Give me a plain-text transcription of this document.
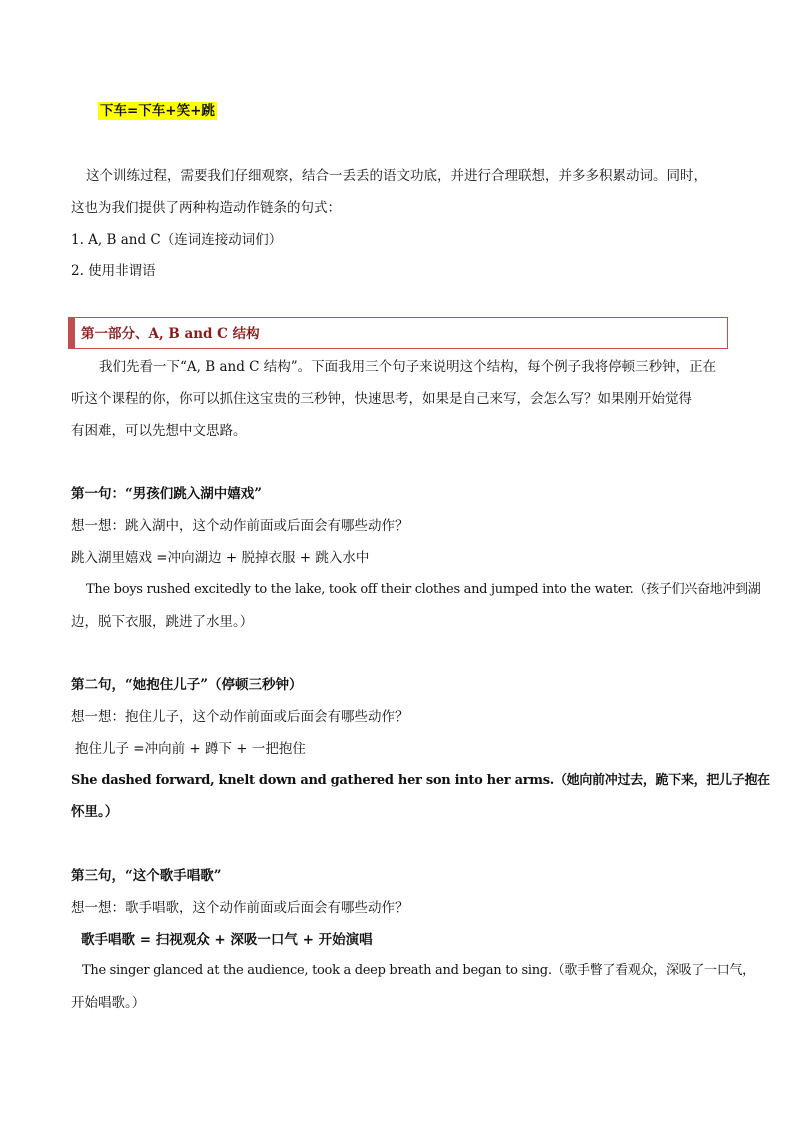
下车=下车+笑+跳
这个训练过程，需要我们仔细观察，结合一丢丢的语文功底，并进行合理联想，并多多积累动词。同时，
这也为我们提供了两种构造动作链条的句式：
1. A, B and C（连词连接动词们）
2. 使用非谓语
第一部分、A, B and C 结构
我们先看一下“A, B and C 结构”。下面我用三个句子来说明这个结构，每个例子我将停顿三秒钟，正在
听这个课程的你，你可以抓住这宝贵的三秒钟，快速思考，如果是自己来写，会怎么写？如果刚开始觉得
有困难，可以先想中文思路。
第一句：“男孩们跳入湖中嬉戏”
想一想：跳入湖中，这个动作前面或后面会有哪些动作？
跳入湖里嬉戏 =冲向湖边 + 脱掉衣服 + 跳入水中
The boys rushed excitedly to the lake, took off their clothes and jumped into the water.（孩子们兴奋地冲到湖
边，脱下衣服，跳进了水里。）
第二句，“她抱住儿子”（停顿三秒钟）
想一想：抱住儿子，这个动作前面或后面会有哪些动作？
抱住儿子 =冲向前 + 蹲下 + 一把抱住
She dashed forward, knelt down and gathered her son into her arms.（她向前冲过去，跪下来，把儿子抱在
怀里。）
第三句，“这个歌手唱歌”
想一想：歌手唱歌，这个动作前面或后面会有哪些动作？
歌手唱歌 = 扫视观众 + 深吸一口气 + 开始演唱
The singer glanced at the audience, took a deep breath and began to sing.（歌手瞥了看观众，深吸了一口气，
开始唱歌。）
